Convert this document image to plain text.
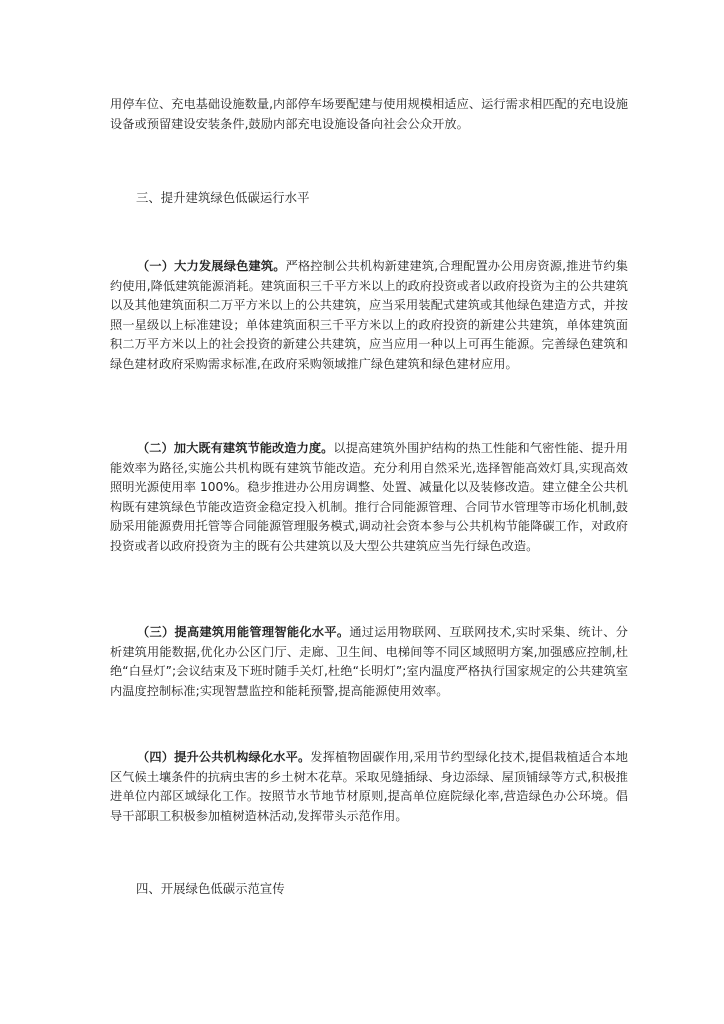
用停车位、充电基础设施数量,内部停车场要配建与使用规模相适应、运行需求相匹配的充电设施设备或预留建设安装条件,鼓励内部充电设施设备向社会公众开放。

三、提升建筑绿色低碳运行水平

（一）大力发展绿色建筑。严格控制公共机构新建建筑,合理配置办公用房资源,推进节约集约使用,降低建筑能源消耗。建筑面积三千平方米以上的政府投资或者以政府投资为主的公共建筑以及其他建筑面积二万平方米以上的公共建筑，应当采用装配式建筑或其他绿色建造方式，并按照一星级以上标准建设；单体建筑面积三千平方米以上的政府投资的新建公共建筑，单体建筑面积二万平方米以上的社会投资的新建公共建筑，应当应用一种以上可再生能源。完善绿色建筑和绿色建材政府采购需求标准,在政府采购领域推广绿色建筑和绿色建材应用。

（二）加大既有建筑节能改造力度。以提高建筑外围护结构的热工性能和气密性能、提升用能效率为路径,实施公共机构既有建筑节能改造。充分利用自然采光,选择智能高效灯具,实现高效照明光源使用率 100%。稳步推进办公用房调整、处置、减量化以及装修改造。建立健全公共机构既有建筑绿色节能改造资金稳定投入机制。推行合同能源管理、合同节水管理等市场化机制,鼓励采用能源费用托管等合同能源管理服务模式,调动社会资本参与公共机构节能降碳工作，对政府投资或者以政府投资为主的既有公共建筑以及大型公共建筑应当先行绿色改造。

（三）提高建筑用能管理智能化水平。通过运用物联网、互联网技术,实时采集、统计、分析建筑用能数据,优化办公区门厅、走廊、卫生间、电梯间等不同区域照明方案,加强感应控制,杜绝“白昼灯”;会议结束及下班时随手关灯,杜绝“长明灯”;室内温度严格执行国家规定的公共建筑室内温度控制标准;实现智慧监控和能耗预警,提高能源使用效率。

（四）提升公共机构绿化水平。发挥植物固碳作用,采用节约型绿化技术,提倡栽植适合本地区气候土壤条件的抗病虫害的乡土树木花草。采取见缝插绿、身边添绿、屋顶铺绿等方式,积极推进单位内部区域绿化工作。按照节水节地节材原则,提高单位庭院绿化率,营造绿色办公环境。倡导干部职工积极参加植树造林活动,发挥带头示范作用。

四、开展绿色低碳示范宣传
